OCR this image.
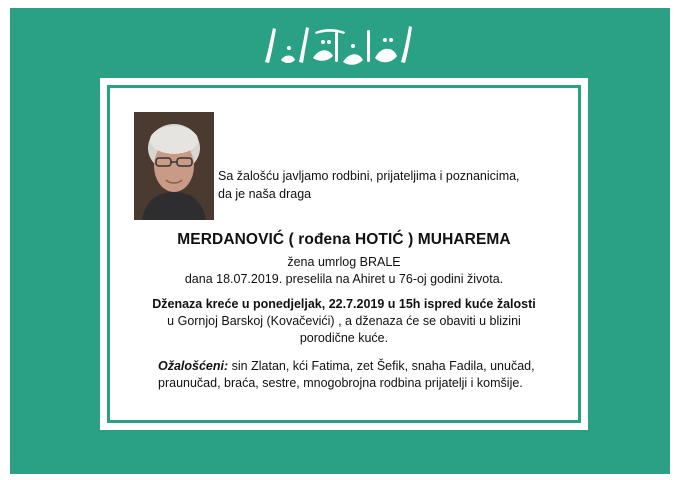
Sa žalošću javljamo rodbini, prijateljima i poznanicima,
da je naša draga
MERDANOVIĆ ( rođena HOTIĆ ) MUHAREMA
žena umrlog BRALE
dana 18.07.2019. preselila na Ahiret u 76-oj godini života.
Dženaza kreće u ponedjeljak, 22.7.2019 u 15h ispred kuće žalosti
u Gornjoj Barskoj (Kovačevići) , a dženaza će se obaviti u blizini
porodične kuće.
Ožalošćeni: sin Zlatan, kći Fatima, zet Šefik, snaha Fadila, unučad,
praunučad, braća, sestre, mnogobrojna rodbina prijatelji i komšije.
